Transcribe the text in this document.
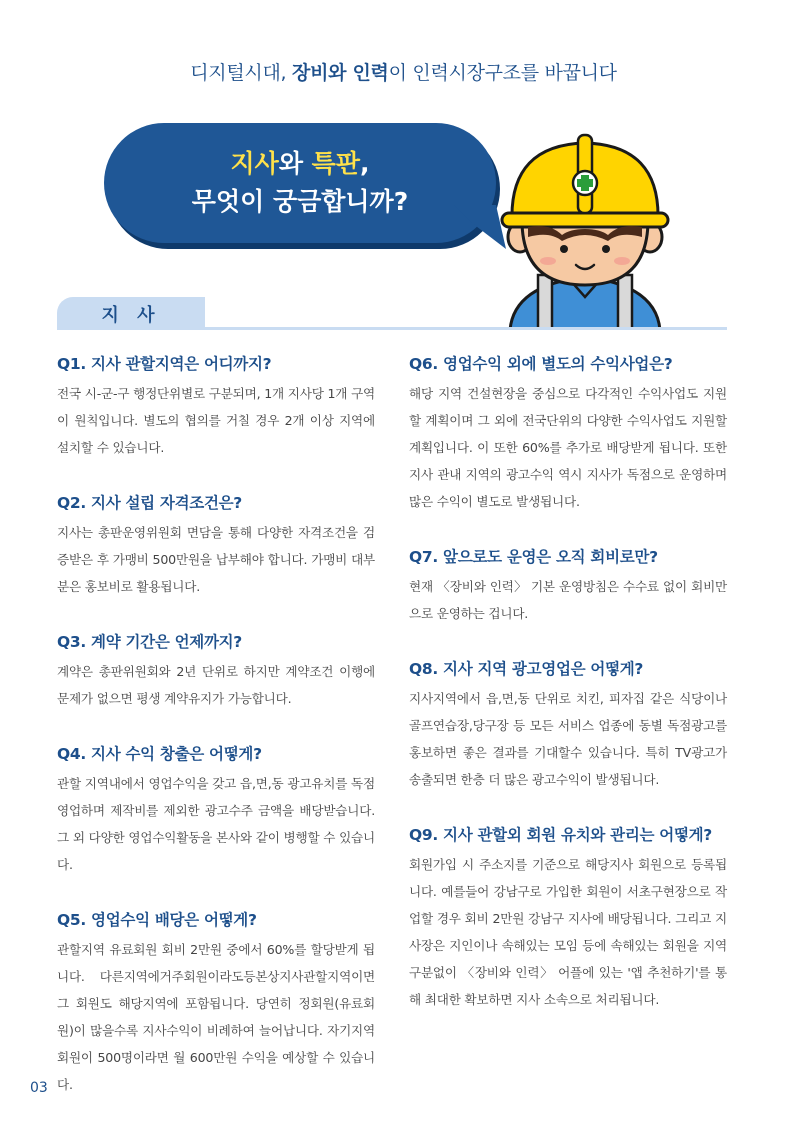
디지털시대, 장비와 인력이 인력시장구조를 바꿉니다
지사와 특판,
무엇이 궁금합니까?
지 사

Q1. 지사 관할지역은 어디까지?

전국 시-군-구 행정단위별로 구분되며, 1개 지사당 1개 구역이 원칙입니다. 별도의 협의를 거칠 경우 2개 이상 지역에 설치할 수 있습니다.

Q2. 지사 설립 자격조건은?

지사는 총판운영위원회 면담을 통해 다양한 자격조건을 검증받은 후 가맹비 500만원을 납부해야 합니다. 가맹비 대부분은 홍보비로 활용됩니다.

Q3. 계약 기간은 언제까지?

계약은 총판위원회와 2년 단위로 하지만 계약조건 이행에 문제가 없으면 평생 계약유지가 가능합니다.

Q4. 지사 수익 창출은 어떻게?

관할 지역내에서 영업수익을 갖고 읍,면,동 광고유치를 독점영업하며 제작비를 제외한 광고수주 금액을 배당받습니다. 그 외 다양한 영업수익활동을 본사와 같이 병행할 수 있습니다.

Q5. 영업수익 배당은 어떻게?

관할지역 유료회원 회비 2만원 중에서 60%를 할당받게 됩니다. 다른지역에거주회원이라도등본상지사관할지역이면 그 회원도 해당지역에 포함됩니다. 당연히 정회원(유료회원)이 많을수록 지사수익이 비례하여 늘어납니다. 자기지역 회원이 500명이라면 월 600만원 수익을 예상할 수 있습니다.

Q6. 영업수익 외에 별도의 수익사업은?

해당 지역 건설현장을 중심으로 다각적인 수익사업도 지원할 계획이며 그 외에 전국단위의 다양한 수익사업도 지원할 계획입니다. 이 또한 60%를 추가로 배당받게 됩니다. 또한 지사 관내 지역의 광고수익 역시 지사가 독점으로 운영하며 많은 수익이 별도로 발생됩니다.

Q7. 앞으로도 운영은 오직 회비로만?

현재 〈장비와 인력〉 기본 운영방침은 수수료 없이 회비만으로 운영하는 겁니다.

Q8. 지사 지역 광고영업은 어떻게?

지사지역에서 읍,면,동 단위로 치킨, 피자집 같은 식당이나 골프연습장,당구장 등 모든 서비스 업종에 동별 독점광고를 홍보하면 좋은 결과를 기대할수 있습니다. 특히 TV광고가 송출되면 한층 더 많은 광고수익이 발생됩니다.

Q9. 지사 관할외 회원 유치와 관리는 어떻게?

회원가입 시 주소지를 기준으로 해당지사 회원으로 등록됩니다. 예를들어 강남구로 가입한 회원이 서초구현장으로 작업할 경우 회비 2만원 강남구 지사에 배당됩니다. 그리고 지사장은 지인이나 속해있는 모임 등에 속해있는 회원을 지역 구분없이 〈장비와 인력〉 어플에 있는 '앱 추천하기'를 통해 최대한 확보하면 지사 소속으로 처리됩니다.

03
